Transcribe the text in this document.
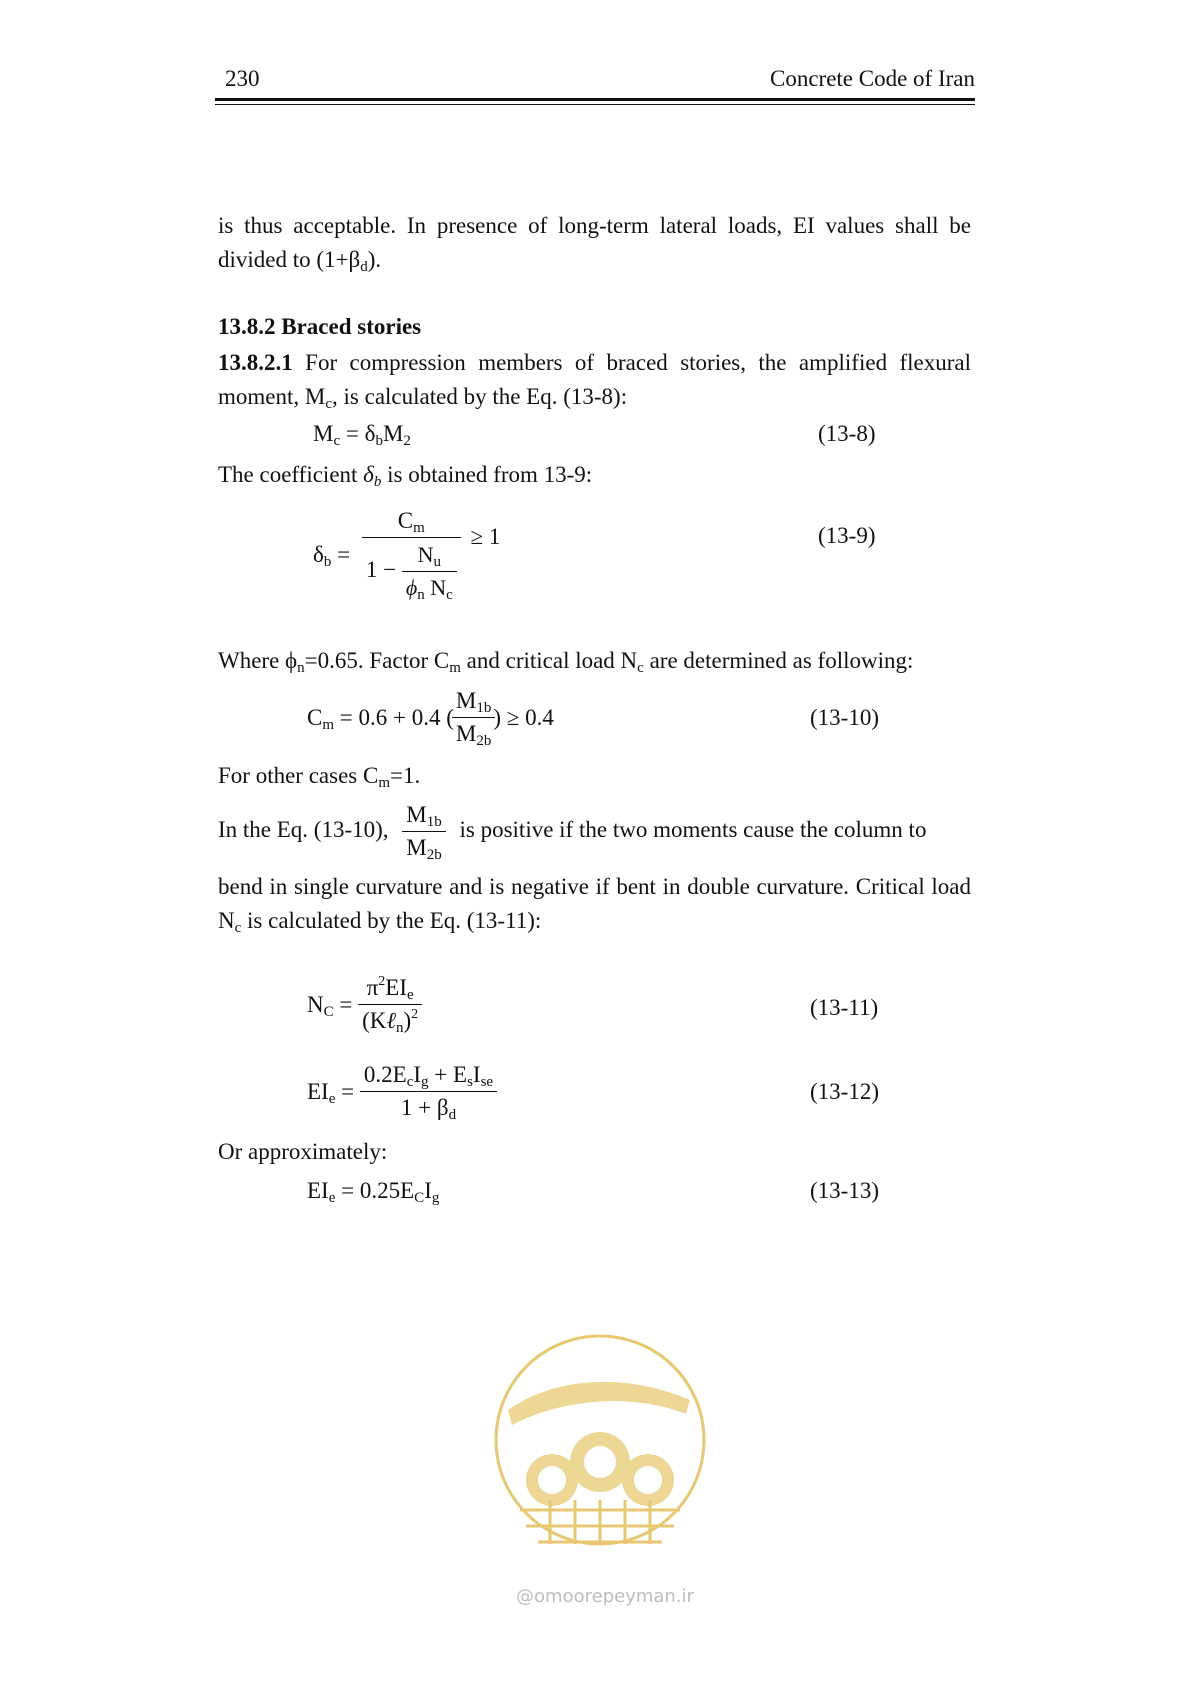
230	Concrete Code of Iran
is thus acceptable. In presence of long-term lateral loads, EI values shall be divided to $(1+\beta_d)$.
13.8.2 Braced stories
13.8.2.1 For compression members of braced stories, the amplified flexural moment, $M_c$, is calculated by the Eq. (13-8):
$M_c = \delta_bM_2$	(13-8)
The coefficient $\delta_b$ is obtained from 13-9:
$\delta_b = \frac{C_m}{1 - \frac{N_u}{\phi_n N_c}} \ge 1$	(13-9)
Where $\phi_n=0.65$. Factor $C_m$ and critical load $N_c$ are determined as following:
$C_m = 0.6 + 0.4$ (
$\frac{M_{1b}}{M_{2b}}$
) ≥ 0.4	(13-10)
For other cases $C_m=1$.
In the Eq. (13-10), $\frac{M_{1b}}{M_{2b}}$ is positive if the two moments cause the column to
bend in single curvature and is negative if bent in double curvature. Critical load $N_c$ is calculated by the Eq. (13-11):
$N_C = \frac{\pi^2EI_e}{(K\ell_n)^2}$	(13-11)
$EI_e = \frac{0.2E_cI_g + E_sI_{se}}{1 + \beta_d}$	(13-12)
Or approximately:
$EI_e = 0.25E_CI_g$	(13-13)
@omoorepeyman.ir
